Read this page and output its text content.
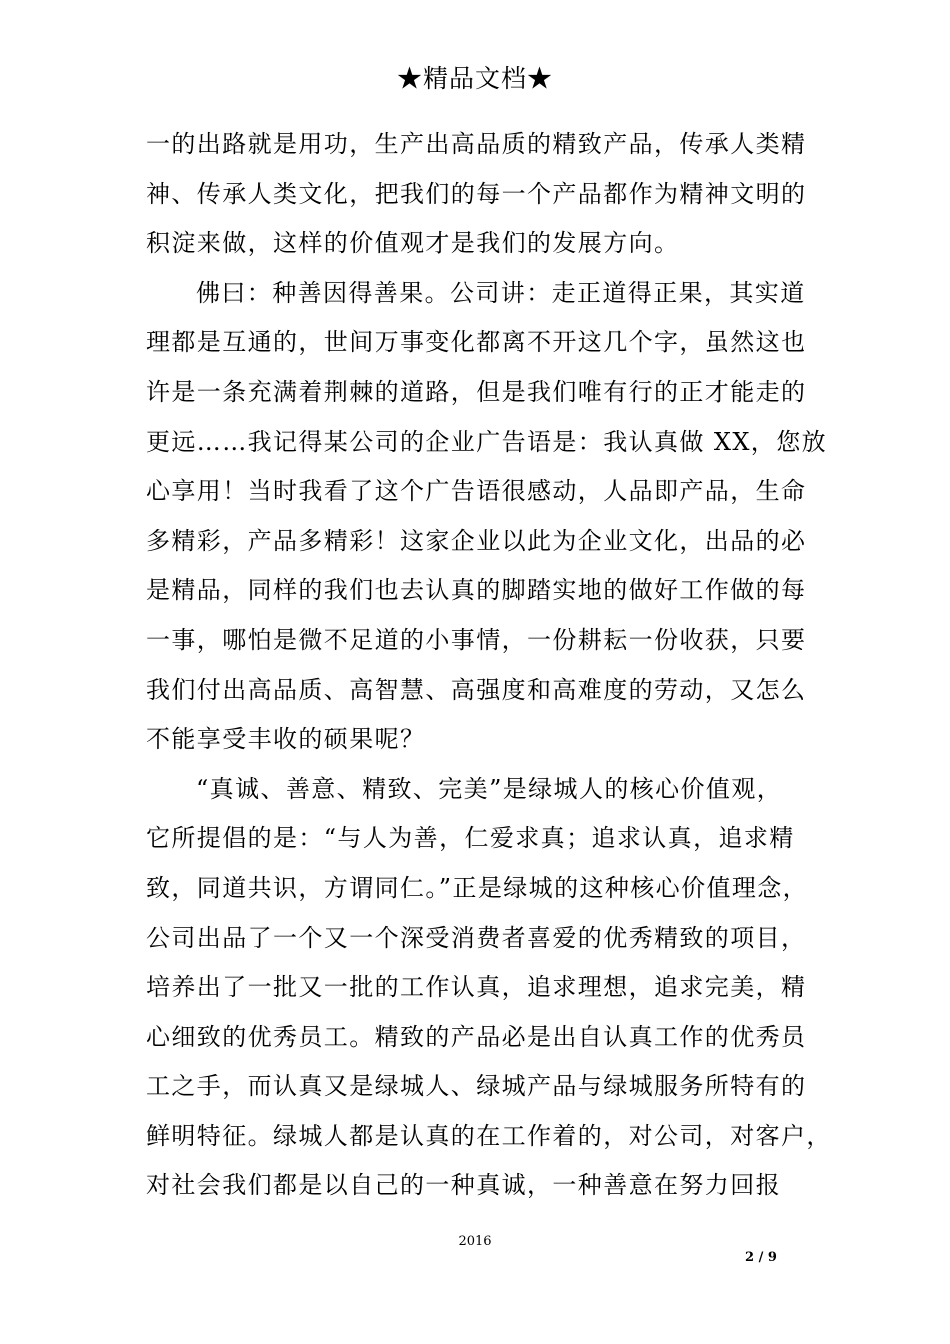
★精品文档★
一的出路就是用功，生产出高品质的精致产品，传承人类精
神、传承人类文化，把我们的每一个产品都作为精神文明的
积淀来做，这样的价值观才是我们的发展方向。
佛曰：种善因得善果。公司讲：走正道得正果，其实道
理都是互通的，世间万事变化都离不开这几个字，虽然这也
许是一条充满着荆棘的道路，但是我们唯有行的正才能走的
更远……我记得某公司的企业广告语是：我认真做 XX，您放
心享用！当时我看了这个广告语很感动，人品即产品，生命
多精彩，产品多精彩！这家企业以此为企业文化，出品的必
是精品，同样的我们也去认真的脚踏实地的做好工作做的每
一事，哪怕是微不足道的小事情，一份耕耘一份收获，只要
我们付出高品质、高智慧、高强度和高难度的劳动，又怎么
不能享受丰收的硕果呢？
“真诚、善意、精致、完美”是绿城人的核心价值观，
它所提倡的是：“与人为善，仁爱求真；追求认真，追求精
致，同道共识，方谓同仁。”正是绿城的这种核心价值理念，
公司出品了一个又一个深受消费者喜爱的优秀精致的项目，
培养出了一批又一批的工作认真，追求理想，追求完美，精
心细致的优秀员工。精致的产品必是出自认真工作的优秀员
工之手，而认真又是绿城人、绿城产品与绿城服务所特有的
鲜明特征。绿城人都是认真的在工作着的，对公司，对客户，
对社会我们都是以自己的一种真诚，一种善意在努力回报
2016
2 / 9
